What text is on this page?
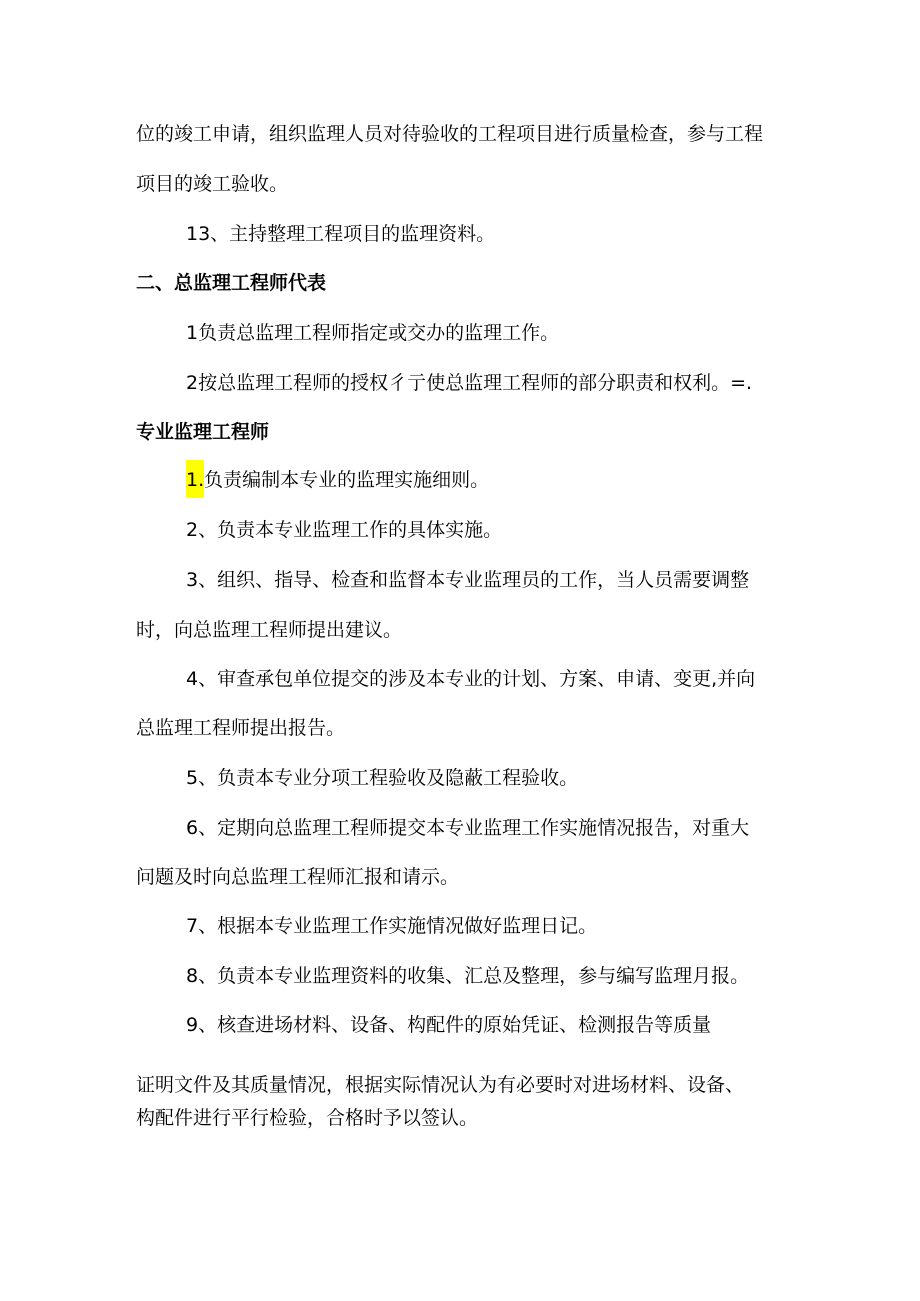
位的竣工申请，组织监理人员对待验收的工程项目进行质量检查，参与工程
项目的竣工验收。
13、主持整理工程项目的监理资料。
二、总监理工程师代表
1负责总监理工程师指定或交办的监理工作。
2按总监理工程师的授权彳亍使总监理工程师的部分职责和权利。=.
专业监理工程师
1.负责编制本专业的监理实施细则。
2、负责本专业监理工作的具体实施。
3、组织、指导、检查和监督本专业监理员的工作，当人员需要调整
时，向总监理工程师提出建议。
4、审查承包单位提交的涉及本专业的计划、方案、申请、变更,并向
总监理工程师提出报告。
5、负责本专业分项工程验收及隐蔽工程验收。
6、定期向总监理工程师提交本专业监理工作实施情况报告，对重大
问题及时向总监理工程师汇报和请示。
7、根据本专业监理工作实施情况做好监理日记。
8、负责本专业监理资料的收集、汇总及整理，参与编写监理月报。
9、核查进场材料、设备、构配件的原始凭证、检测报告等质量
证明文件及其质量情况，根据实际情况认为有必要时对进场材料、设备、
构配件进行平行检验，合格时予以签认。
